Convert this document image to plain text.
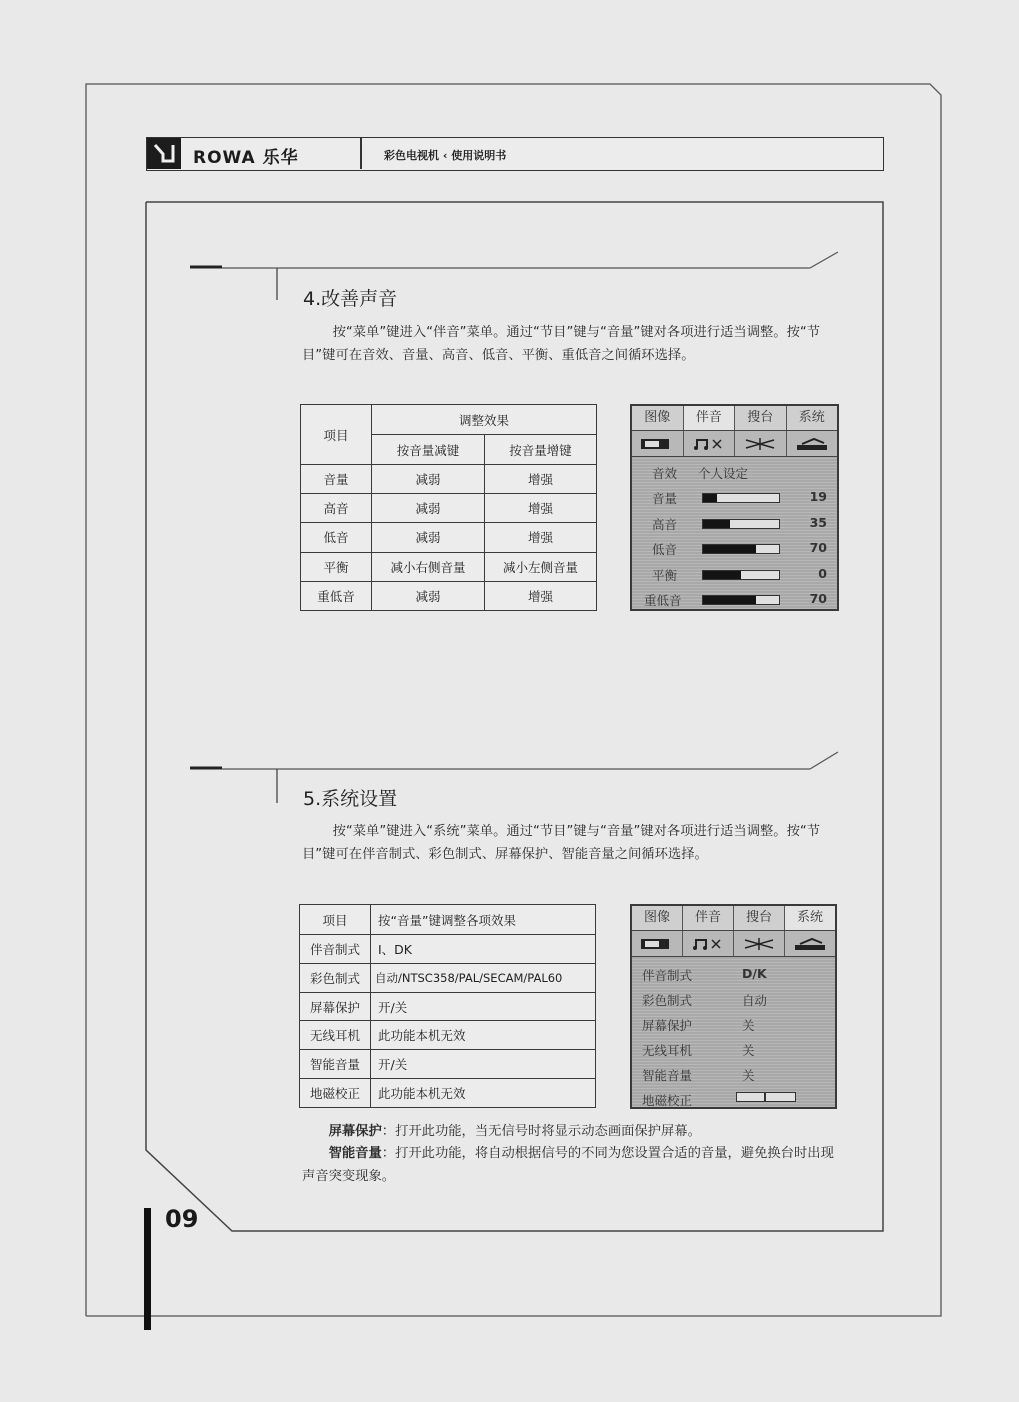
ROWA 乐华	彩色电视机 ‹ 使用说明书
4.改善声音

按“菜单”键进入“伴音”菜单。通过“节目”键与“音量”键对各项进行适当调整。按“节目”键可在音效、音量、高音、低音、平衡、重低音之间循环选择。

项目	调整效果	
	按音量减键	按音量增键
音量	减弱	增强
高音	减弱	增强
低音	减弱	增强
平衡	减小右侧音量	减小左侧音量
重低音	减弱	增强
图像	伴音	搜台	系统
音效 个人设定
音量	19
高音	35
低音	70
平衡	0
重低音	70
5.系统设置

按“菜单”键进入“系统”菜单。通过“节目”键与“音量”键对各项进行适当调整。按“节目”键可在伴音制式、彩色制式、屏幕保护、智能音量之间循环选择。

项目	按“音量”键调整各项效果
伴音制式	I、DK
彩色制式	自动/NTSC358/PAL/SECAM/PAL60
屏幕保护	开/关
无线耳机	此功能本机无效
智能音量	开/关
地磁校正	此功能本机无效
图像	伴音	搜台	系统
伴音制式	D/K
彩色制式	自动
屏幕保护	关
无线耳机	关
智能音量	关
地磁校正

屏幕保护：打开此功能，当无信号时将显示动态画面保护屏幕。

智能音量：打开此功能，将自动根据信号的不同为您设置合适的音量，避免换台时出现声音突变现象。

09
